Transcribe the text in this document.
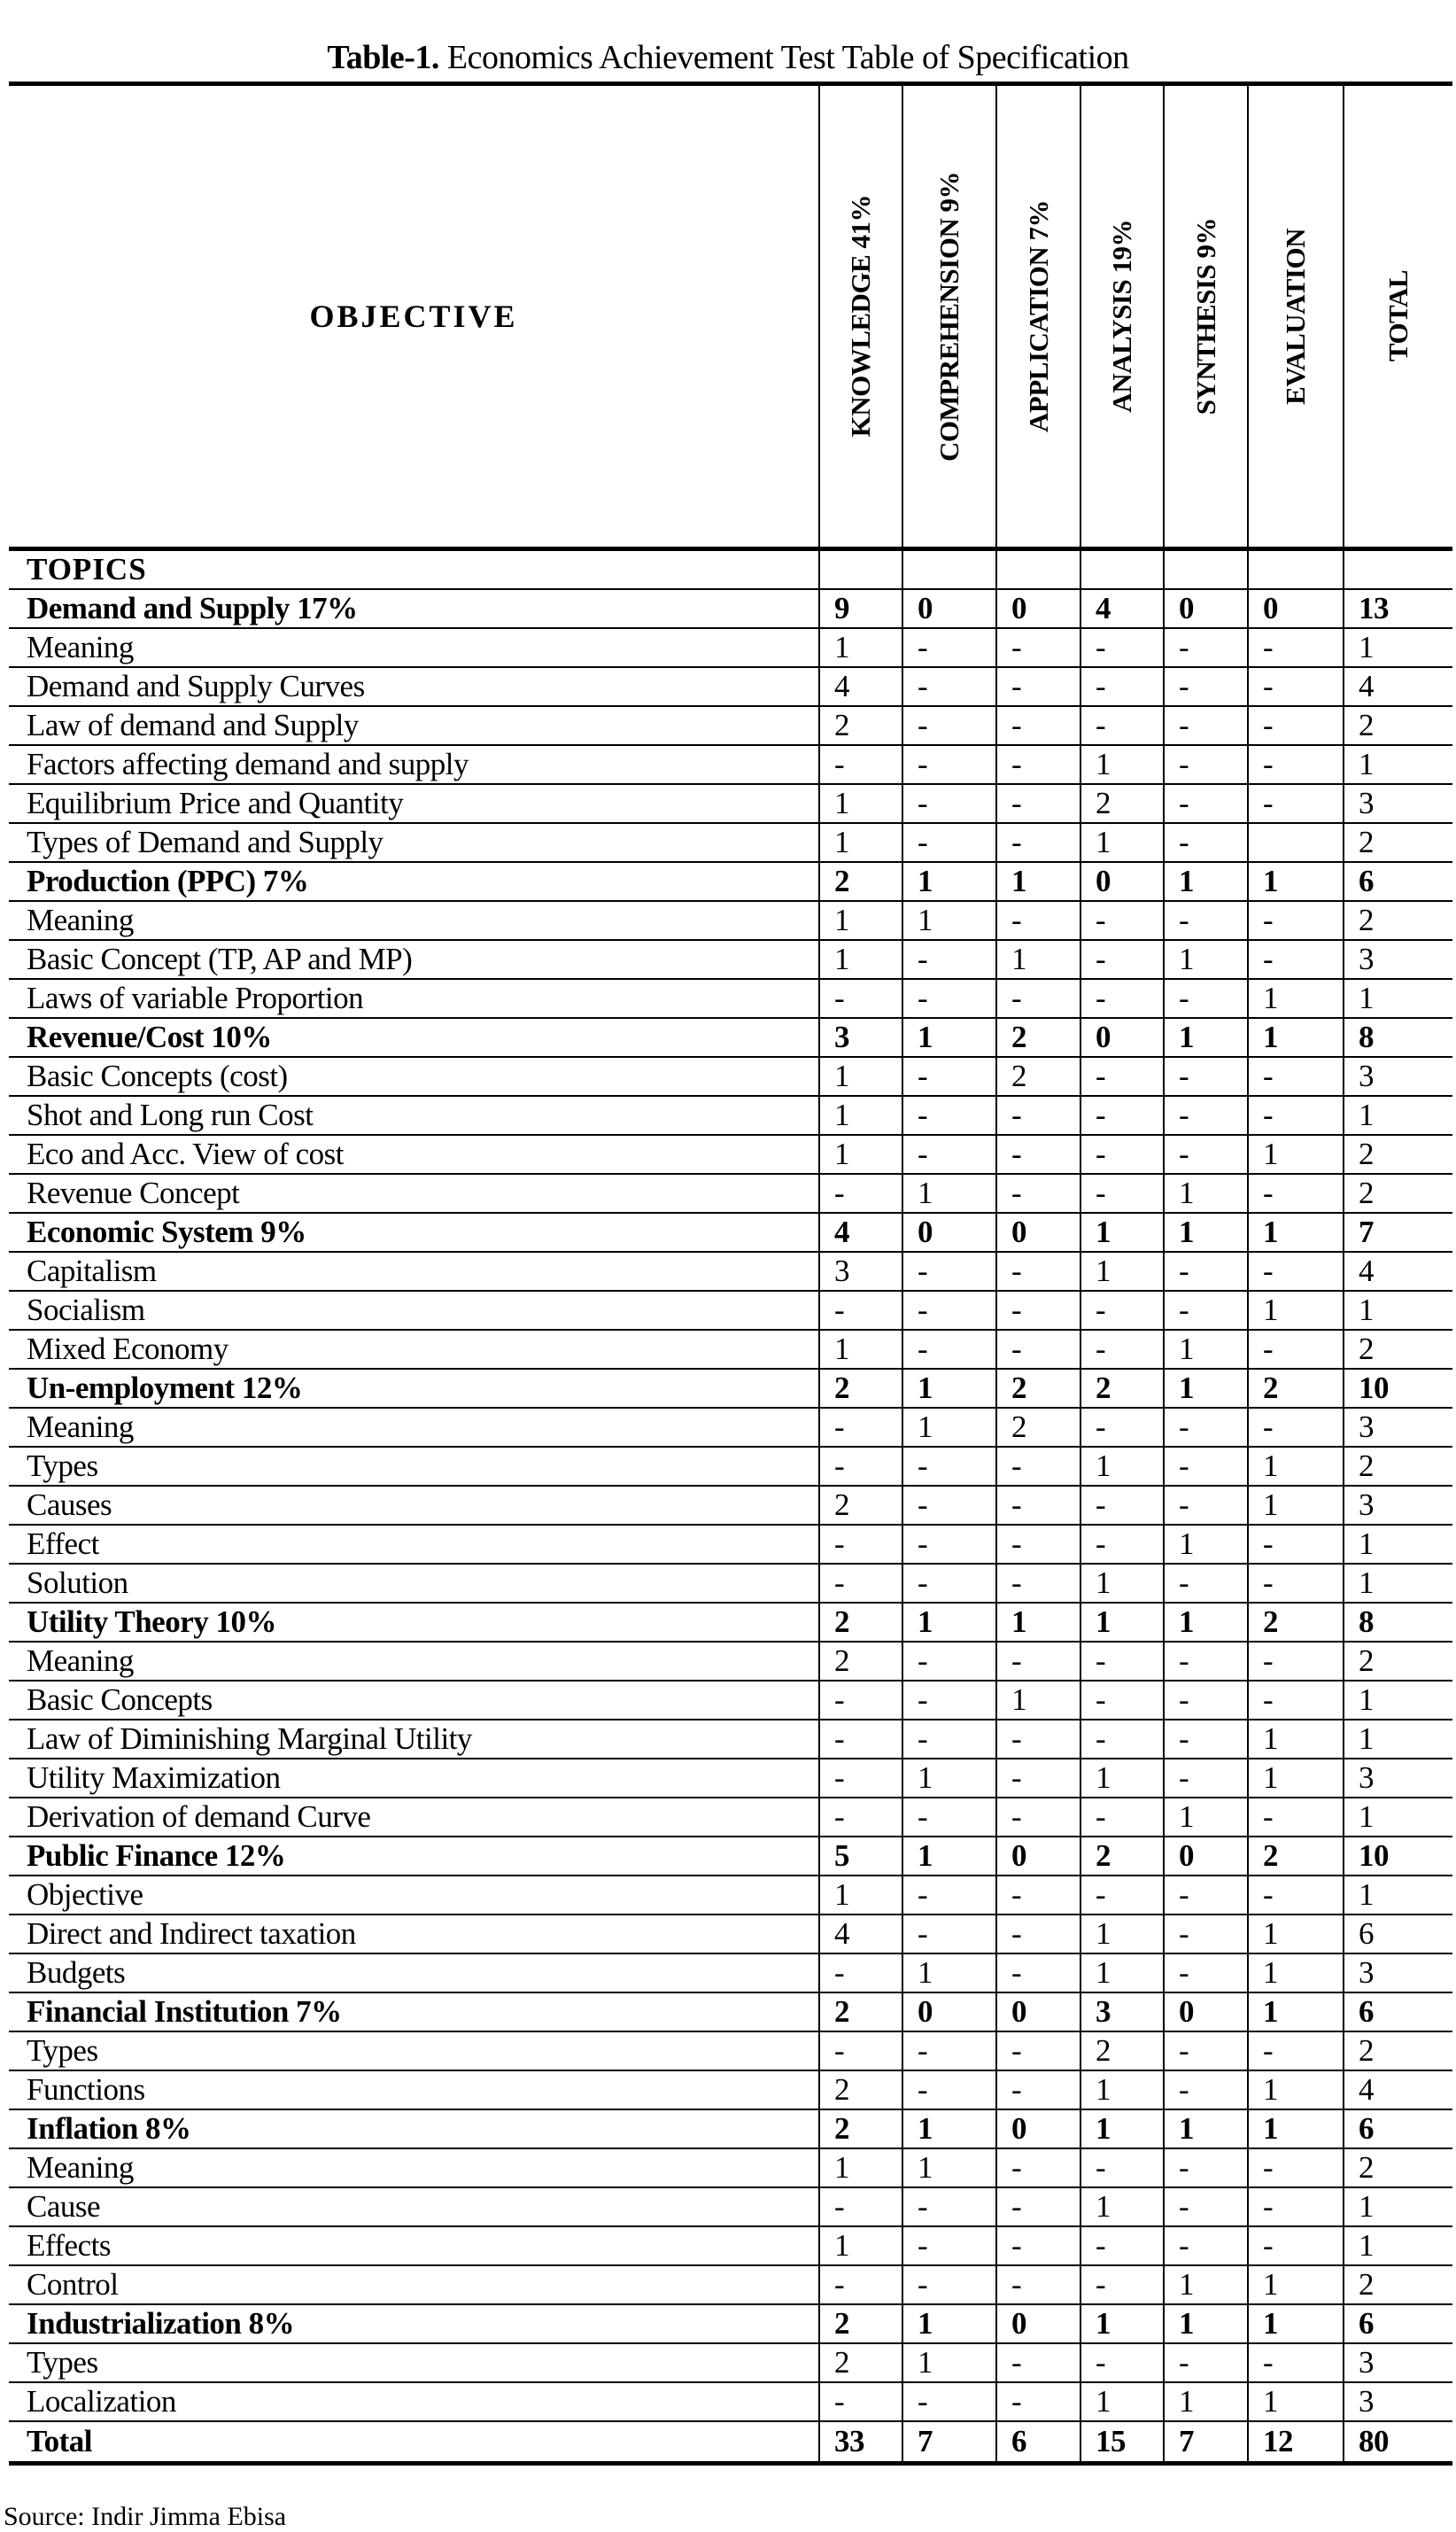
Table-1. Economics Achievement Test Table of Specification
OBJECTIVE	KNOWLEDGE 41%	COMPREHENSION 9%	APPLICATION 7%	ANALYSIS 19%	SYNTHESIS 9%	EVALUATION	TOTAL

TOPICS							
Demand and Supply 17%	9	0	0	4	0	0	13
Meaning	1	-	-	-	-	-	1
Demand and Supply Curves	4	-	-	-	-	-	4
Law of demand and Supply	2	-	-	-	-	-	2
Factors affecting demand and supply	-	-	-	1	-	-	1
Equilibrium Price and Quantity	1	-	-	2	-	-	3
Types of Demand and Supply	1	-	-	1	-		2
Production (PPC) 7%	2	1	1	0	1	1	6
Meaning	1	1	-	-	-	-	2
Basic Concept (TP, AP and MP)	1	-	1	-	1	-	3
Laws of variable Proportion	-	-	-	-	-	1	1
Revenue/Cost 10%	3	1	2	0	1	1	8
Basic Concepts (cost)	1	-	2	-	-	-	3
Shot and Long run Cost	1	-	-	-	-	-	1
Eco and Acc. View of cost	1	-	-	-	-	1	2
Revenue Concept	-	1	-	-	1	-	2
Economic System 9%	4	0	0	1	1	1	7
Capitalism	3	-	-	1	-	-	4
Socialism	-	-	-	-	-	1	1
Mixed Economy	1	-	-	-	1	-	2
Un-employment 12%	2	1	2	2	1	2	10
Meaning	-	1	2	-	-	-	3
Types	-	-	-	1	-	1	2
Causes	2	-	-	-	-	1	3
Effect	-	-	-	-	1	-	1
Solution	-	-	-	1	-	-	1
Utility Theory 10%	2	1	1	1	1	2	8
Meaning	2	-	-	-	-	-	2
Basic Concepts	-	-	1	-	-	-	1
Law of Diminishing Marginal Utility	-	-	-	-	-	1	1
Utility Maximization	-	1	-	1	-	1	3
Derivation of demand Curve	-	-	-	-	1	-	1
Public Finance 12%	5	1	0	2	0	2	10
Objective	1	-	-	-	-	-	1
Direct and Indirect taxation	4	-	-	1	-	1	6
Budgets	-	1	-	1	-	1	3
Financial Institution 7%	2	0	0	3	0	1	6
Types	-	-	-	2	-	-	2
Functions	2	-	-	1	-	1	4
Inflation 8%	2	1	0	1	1	1	6
Meaning	1	1	-	-	-	-	2
Cause	-	-	-	1	-	-	1
Effects	1	-	-	-	-	-	1
Control	-	-	-	-	1	1	2
Industrialization 8%	2	1	0	1	1	1	6
Types	2	1	-	-	-	-	3
Localization	-	-	-	1	1	1	3
Total	33	7	6	15	7	12	80
Source: Indir Jimma Ebisa
